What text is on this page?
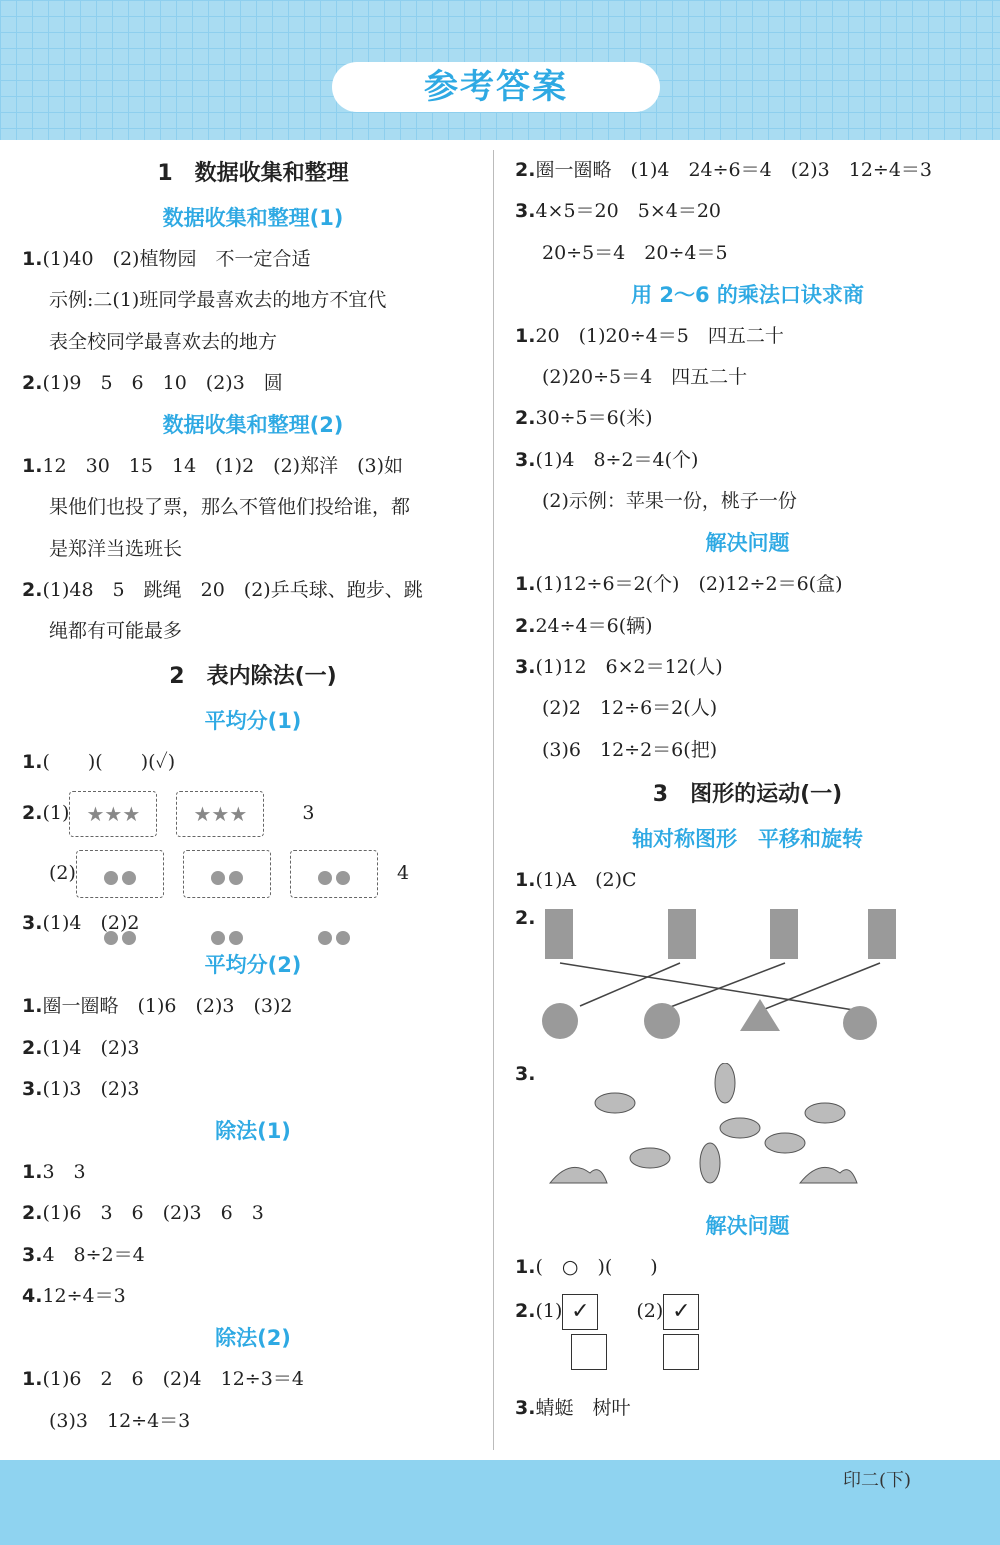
参考答案
1　数据收集和整理
数据收集和整理(1)
1.(1)40　(2)植物园　不一定合适
示例:二(1)班同学最喜欢去的地方不宜代
表全校同学最喜欢去的地方
2.(1)9　5　6　10　(2)3　圆
数据收集和整理(2)
1.12　30　15　14　(1)2　(2)郑洋　(3)如
果他们也投了票，那么不管他们投给谁，都
是郑洋当选班长
2.(1)48　5　跳绳　20　(2)乒乓球、跑步、跳
绳都有可能最多
2　表内除法(一)
平均分(1)
1.(　　)(　　)(✓)
2.(1) ★★★　	★★★　　	3
(2)

　	4
3.(1)4　(2)2
平均分(2)
1.圈一圈略　(1)6　(2)3　(3)2
2.(1)4　(2)3
3.(1)3　(2)3
除法(1)
1.3　3
2.(1)6　3　6　(2)3　6　3
3.4　8÷2＝4
4.12÷4＝3
除法(2)
1.(1)6　2　6　(2)4　12÷3＝4
(3)3　12÷4＝3
2.圈一圈略　(1)4　24÷6＝4　(2)3　12÷4＝3
3.4×5＝20　5×4＝20
20÷5＝4　20÷4＝5
用 2～6 的乘法口诀求商
1.20　(1)20÷4＝5　四五二十
(2)20÷5＝4　四五二十
2.30÷5＝6(米)
3.(1)4　8÷2＝4(个)
(2)示例：苹果一份，桃子一份
解决问题
1.(1)12÷6＝2(个)　(2)12÷2＝6(盒)
2.24÷4＝6(辆)
3.(1)12　6×2＝12(人)
(2)2　12÷6＝2(人)
(3)6　12÷2＝6(把)
3　图形的运动(一)
轴对称图形　平移和旋转
1.(1)A　(2)C
2.
3.
解决问题
1.(　○　)(　　)
2.(1) ✓　　 (2) ✓
3.蜻蜓　树叶
印二(下)
